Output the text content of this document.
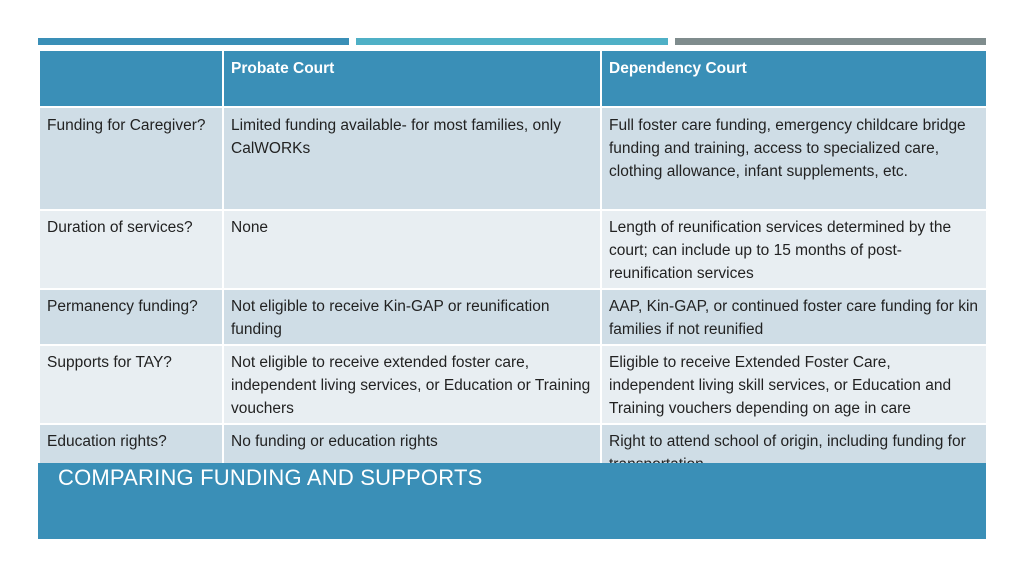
	Probate Court	Dependency Court
Funding for Caregiver?	Limited funding available- for most families, only CalWORKs	Full foster care funding, emergency childcare bridge funding and training, access to specialized care, clothing allowance, infant supplements, etc.
Duration of services?	None	Length of reunification services determined by the court; can include up to 15 months of post-reunification services
Permanency funding?	Not eligible to receive Kin-GAP or reunification funding	AAP, Kin-GAP, or continued foster care funding for kin families if not reunified
Supports for TAY?	Not eligible to receive extended foster care, independent living services, or Education or Training vouchers	Eligible to receive Extended Foster Care, independent living skill services, or Education and Training vouchers depending on age in care
Education rights?	No funding or education rights	Right to attend school of origin, including funding for
COMPARING FUNDING AND SUPPORTS
